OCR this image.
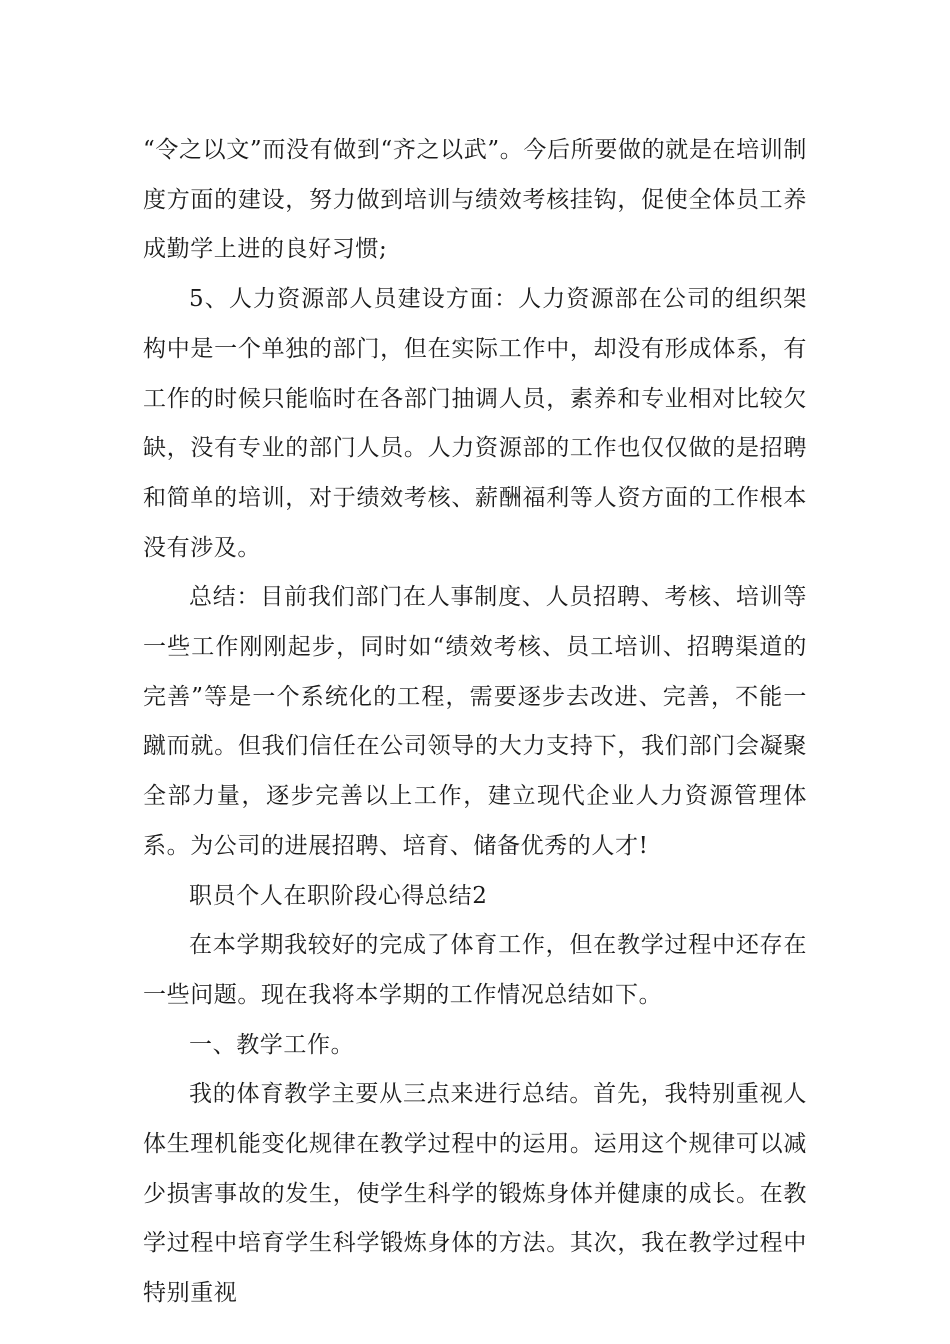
“令之以文”而没有做到“齐之以武”。今后所要做的就是在培训制度方面的建设，努力做到培训与绩效考核挂钩，促使全体员工养成勤学上进的良好习惯;

5、人力资源部人员建设方面：人力资源部在公司的组织架构中是一个单独的部门，但在实际工作中，却没有形成体系，有工作的时候只能临时在各部门抽调人员，素养和专业相对比较欠缺，没有专业的部门人员。人力资源部的工作也仅仅做的是招聘和简单的培训，对于绩效考核、薪酬福利等人资方面的工作根本没有涉及。

总结：目前我们部门在人事制度、人员招聘、考核、培训等一些工作刚刚起步，同时如“绩效考核、员工培训、招聘渠道的完善”等是一个系统化的工程，需要逐步去改进、完善，不能一蹴而就。但我们信任在公司领导的大力支持下，我们部门会凝聚全部力量，逐步完善以上工作，建立现代企业人力资源管理体系。为公司的进展招聘、培育、储备优秀的人才!

职员个人在职阶段心得总结2

在本学期我较好的完成了体育工作，但在教学过程中还存在一些问题。现在我将本学期的工作情况总结如下。

一、教学工作。

我的体育教学主要从三点来进行总结。首先，我特别重视人体生理机能变化规律在教学过程中的运用。运用这个规律可以减少损害事故的发生，使学生科学的锻炼身体并健康的成长。在教学过程中培育学生科学锻炼身体的方法。其次，我在教学过程中特别重视
